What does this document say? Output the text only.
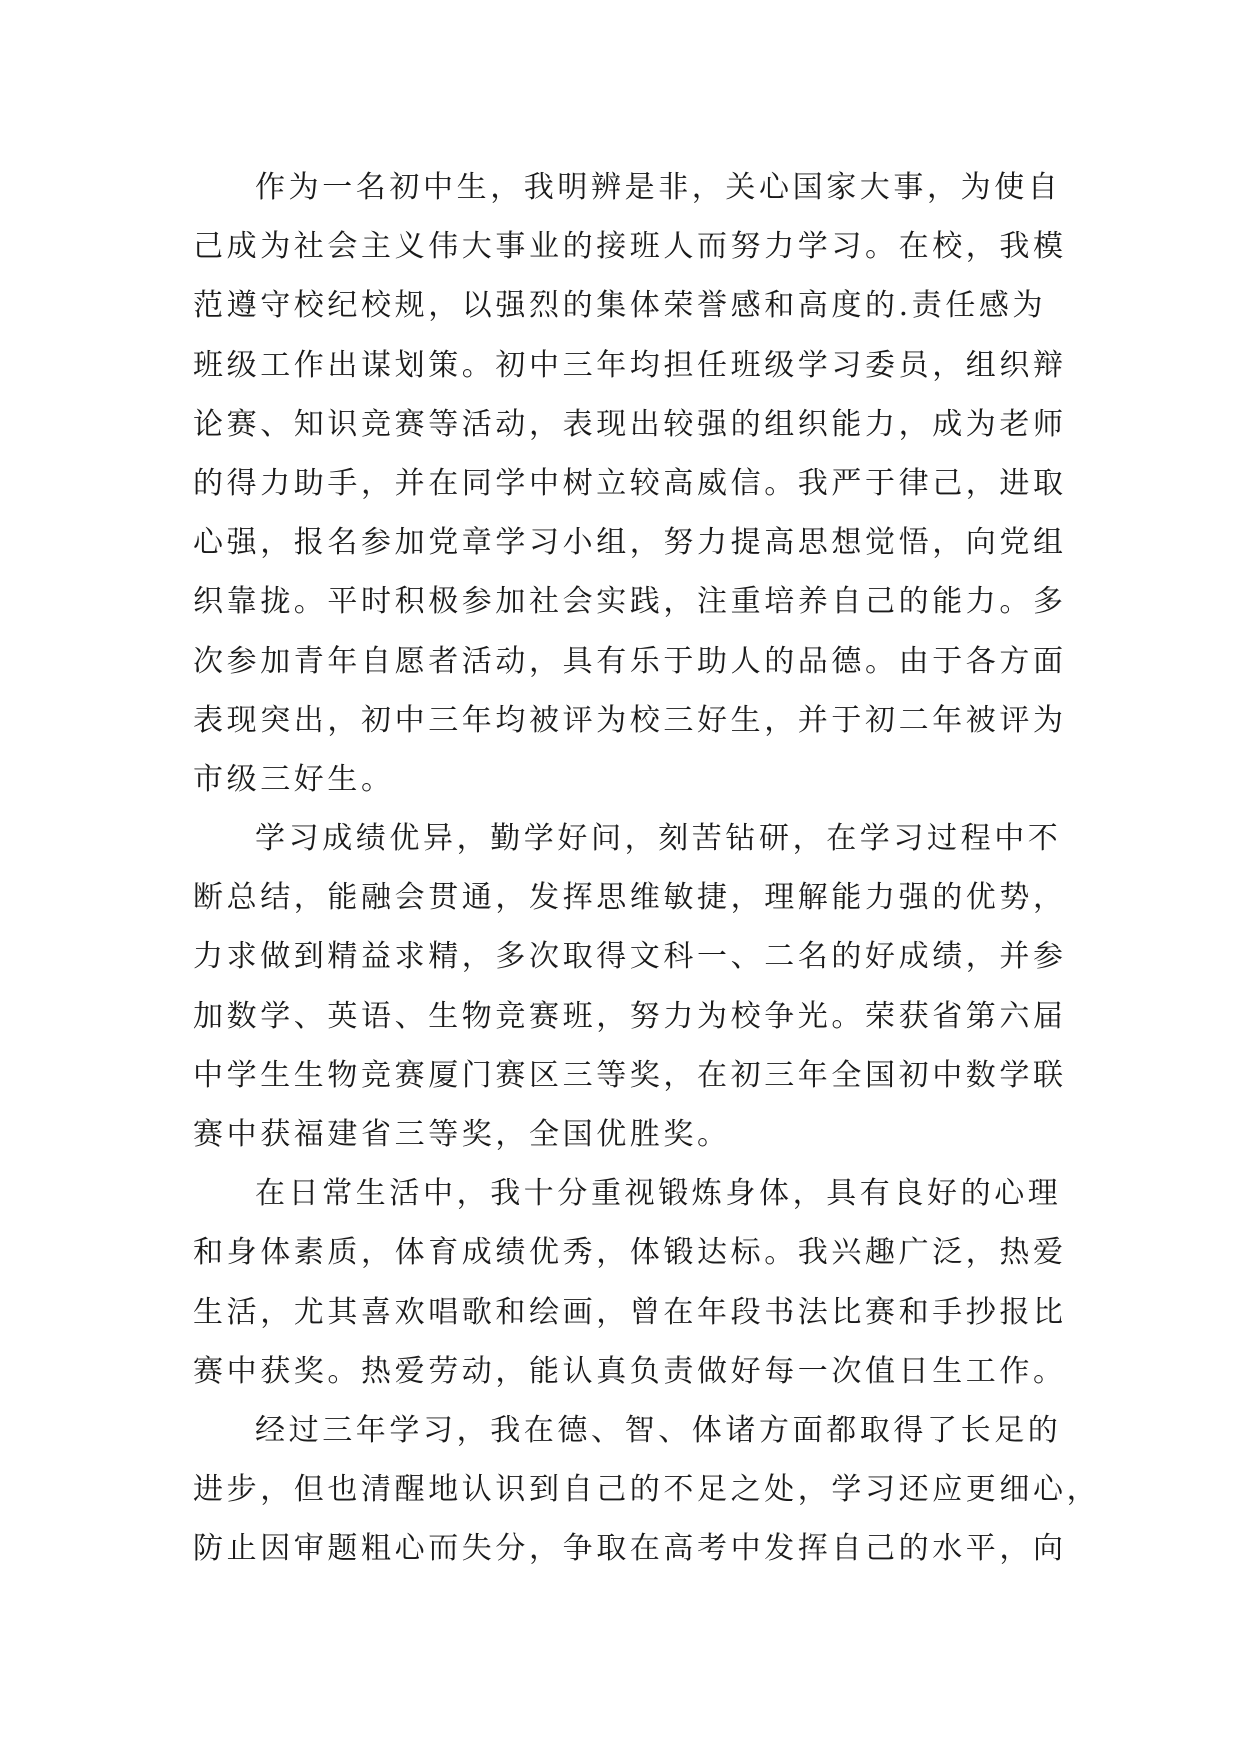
作为一名初中生，我明辨是非，关心国家大事，为使自
己成为社会主义伟大事业的接班人而努力学习。在校，我模
范遵守校纪校规，以强烈的集体荣誉感和高度的.责任感为
班级工作出谋划策。初中三年均担任班级学习委员，组织辩
论赛、知识竞赛等活动，表现出较强的组织能力，成为老师
的得力助手，并在同学中树立较高威信。我严于律己，进取
心强，报名参加党章学习小组，努力提高思想觉悟，向党组
织靠拢。平时积极参加社会实践，注重培养自己的能力。多
次参加青年自愿者活动，具有乐于助人的品德。由于各方面
表现突出，初中三年均被评为校三好生，并于初二年被评为
市级三好生。
学习成绩优异，勤学好问，刻苦钻研，在学习过程中不
断总结，能融会贯通，发挥思维敏捷，理解能力强的优势，
力求做到精益求精，多次取得文科一、二名的好成绩，并参
加数学、英语、生物竞赛班，努力为校争光。荣获省第六届
中学生生物竞赛厦门赛区三等奖，在初三年全国初中数学联
赛中获福建省三等奖，全国优胜奖。
在日常生活中，我十分重视锻炼身体，具有良好的心理
和身体素质，体育成绩优秀，体锻达标。我兴趣广泛，热爱
生活，尤其喜欢唱歌和绘画，曾在年段书法比赛和手抄报比
赛中获奖。热爱劳动，能认真负责做好每一次值日生工作。
经过三年学习，我在德、智、体诸方面都取得了长足的
进步，但也清醒地认识到自己的不足之处，学习还应更细心，
防止因审题粗心而失分，争取在高考中发挥自己的水平，向
